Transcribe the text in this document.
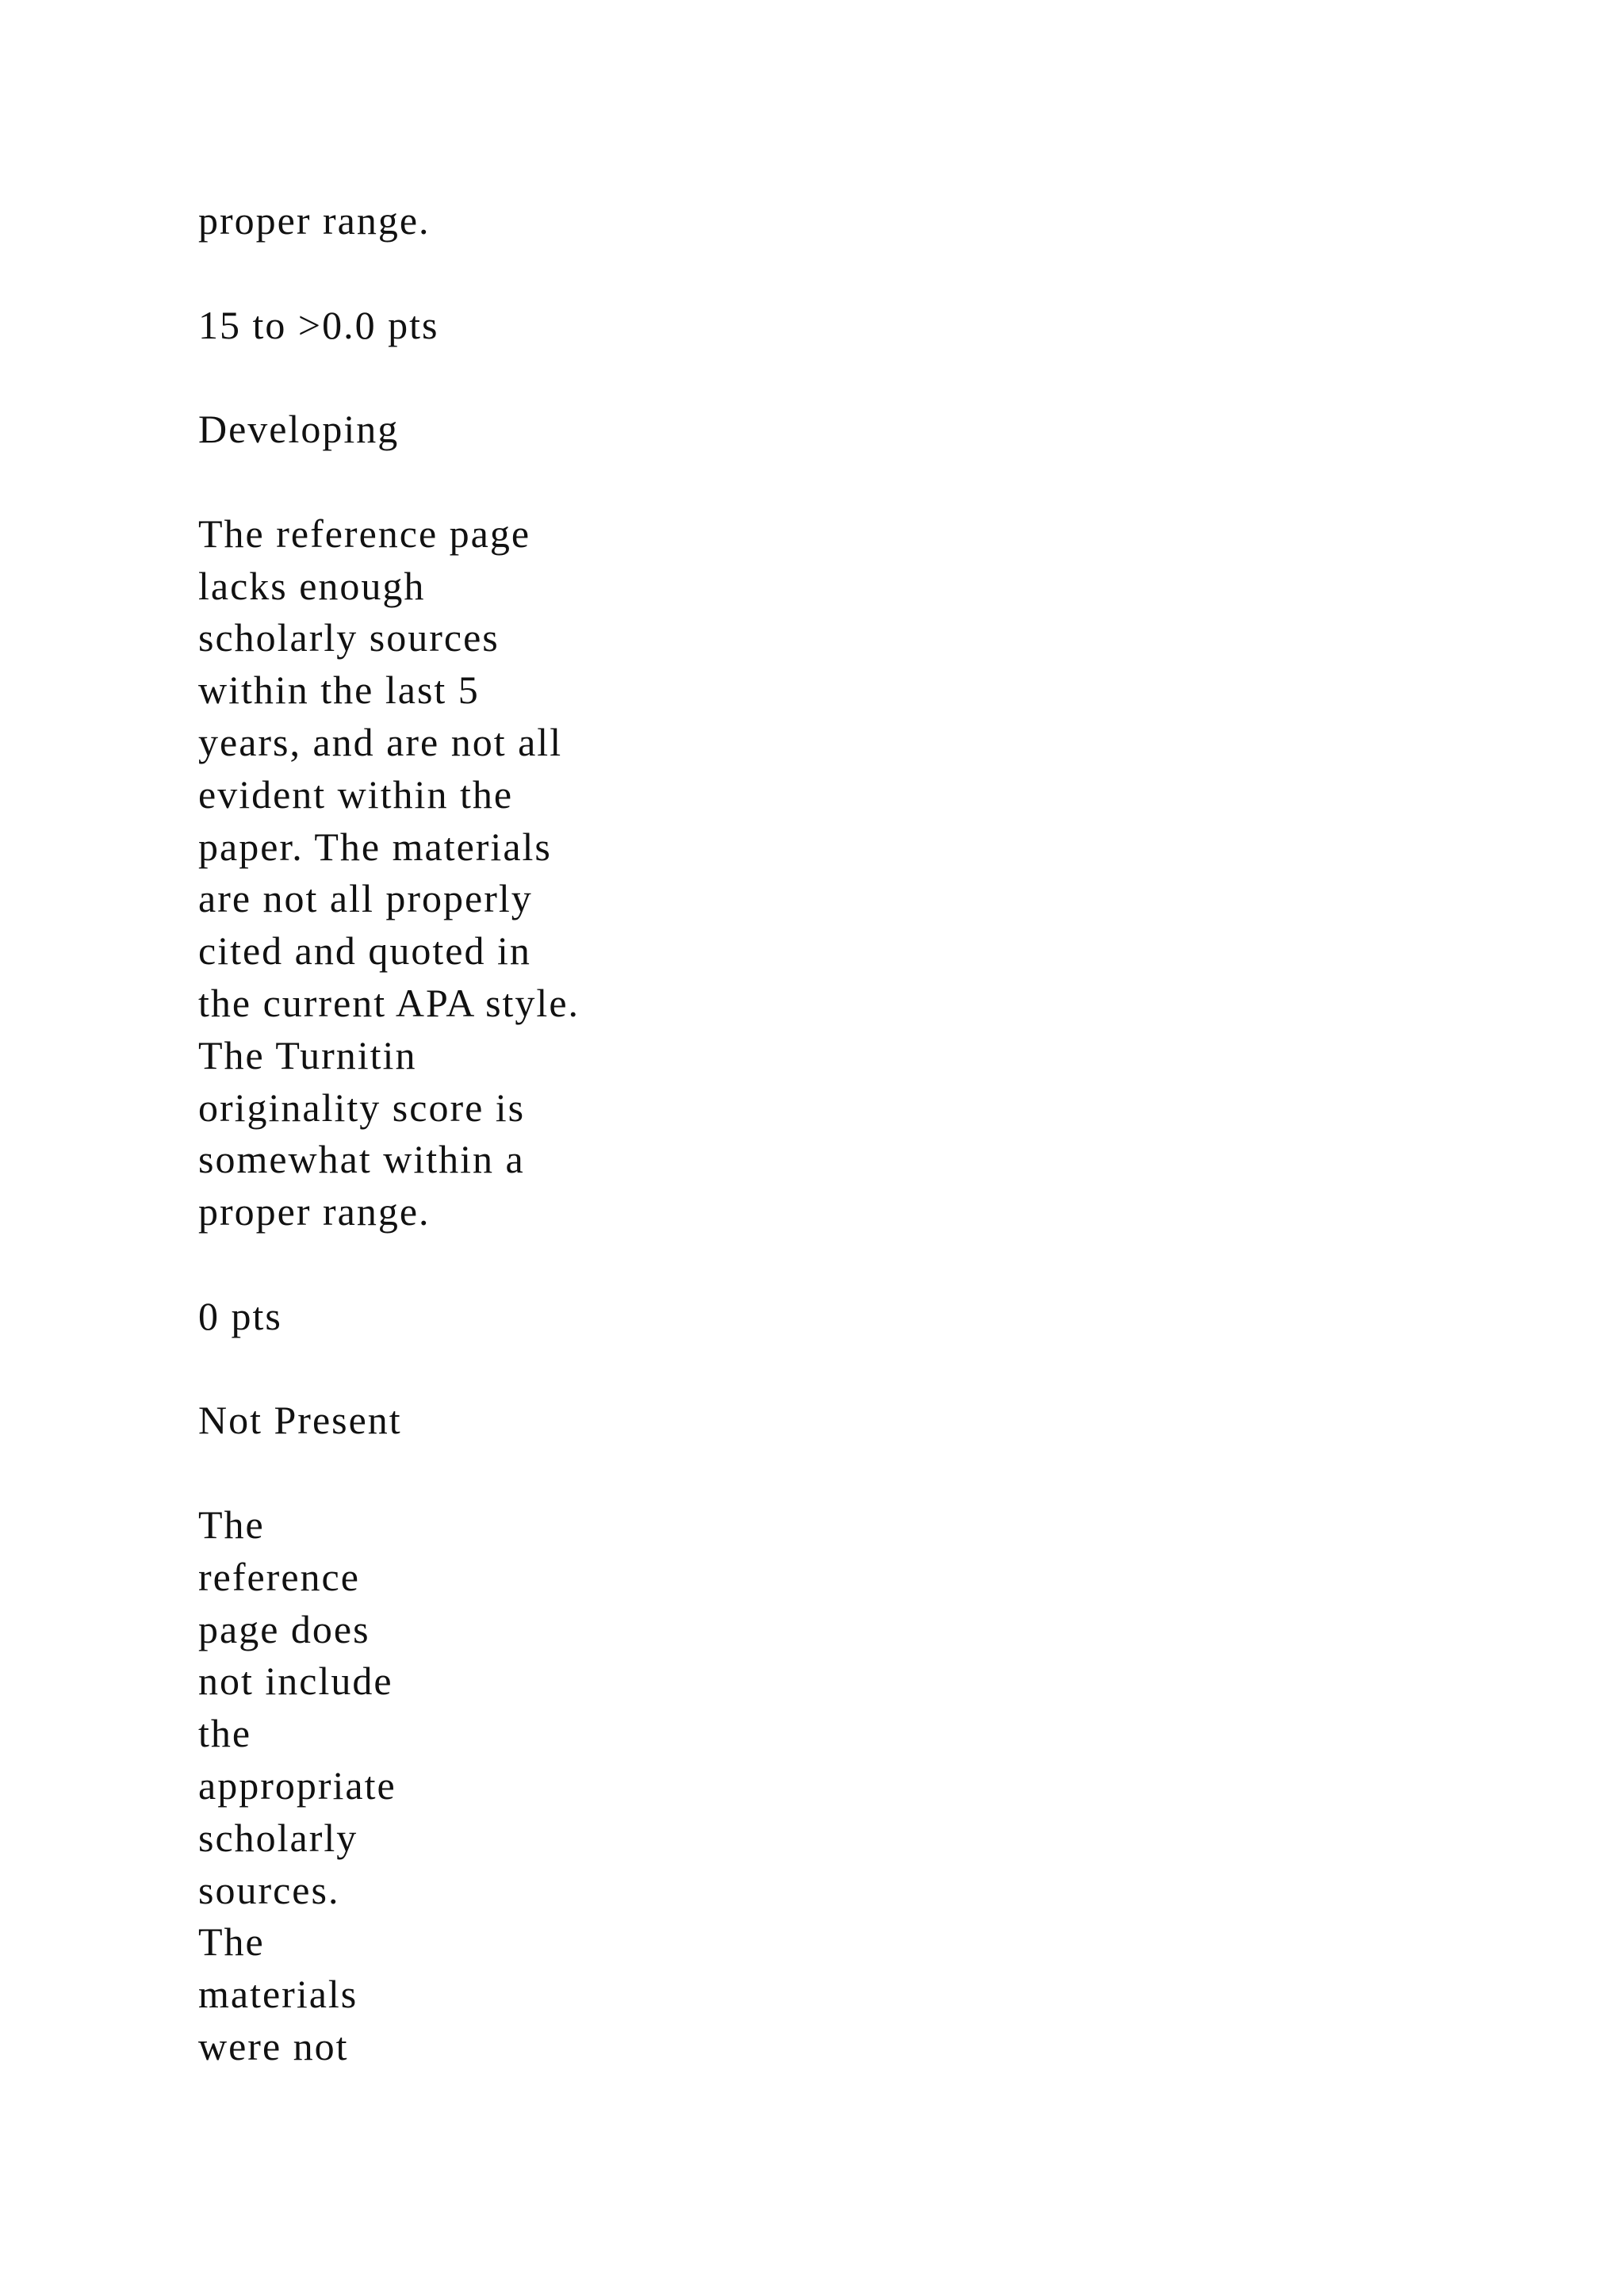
proper range.
15 to >0.0 pts
Developing
The reference page
lacks enough
scholarly sources
within the last 5
years, and are not all
evident within the
paper. The materials
are not all properly
cited and quoted in
the current APA style.
The Turnitin
originality score is
somewhat within a
proper range.
0 pts
Not Present
The
reference
page does
not include
the
appropriate
scholarly
sources.
The
materials
were not
